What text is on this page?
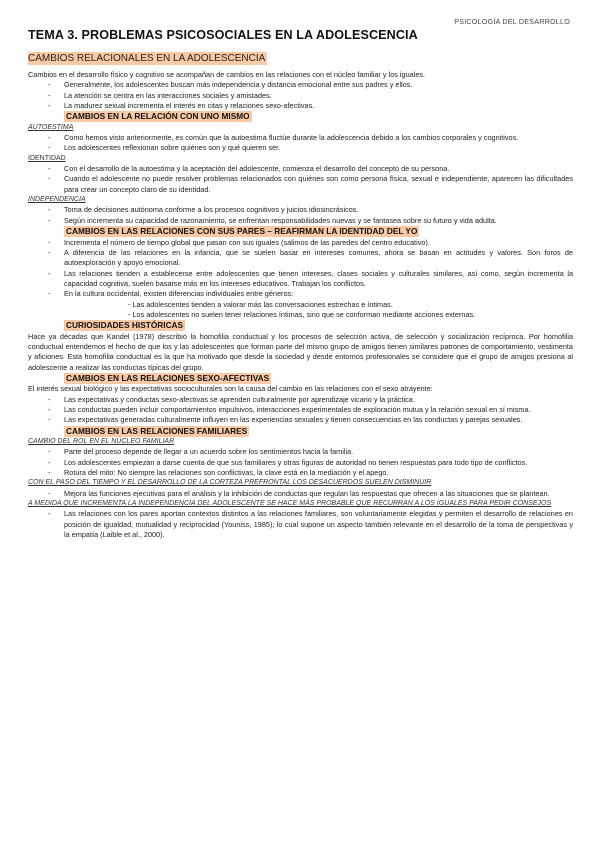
PSICOLOGÍA DEL DESARROLLO
TEMA 3. PROBLEMAS PSICOSOCIALES EN LA ADOLESCENCIA
CAMBIOS RELACIONALES EN LA ADOLESCENCIA

Cambios en el desarrollo físico y cognitivo se acompañan de cambios en las relaciones con el núcleo familiar y los iguales.

- Generalmente, los adolescentes buscan más independencia y distancia emocional entre sus padres y ellos.
- La atención se centra en las interacciones sociales y amistades.
- La madurez sexual incrementa el interés en citas y relaciones sexo-afectivas.
CAMBIOS EN LA RELACIÓN CON UNO MISMO
AUTOESTIMA
- Como hemos visto anteriormente, es común que la autoestima fluctúe durante la adolescencia debido a los cambios corporales y cognitivos.
- Los adolescentes reflexionan sobre quiénes son y qué quieren ser.
IDENTIDAD
- Con el desarrollo de la autoestima y la aceptación del adolescente, comienza el desarrollo del concepto de su persona.
- Cuando el adolescente no puede resolver problemas relacionados con quiénes son como persona física, sexual e independiente, aparecen las dificultades para crear un concepto claro de su identidad.
INDEPENDENCIA
- Toma de decisiones autónoma conforme a los procesos cognitivos y juicios idiosincrásicos.
- Según incrementa su capacidad de razonamiento, se enfrentan responsabilidades nuevas y se fantasea sobre su futuro y vida adulta.
CAMBIOS EN LAS RELACIONES CON SUS PARES – REAFIRMAN LA IDENTIDAD DEL YO
- Incrementa el número de tiempo global que pasan con sus iguales (salimos de las paredes del centro educativo).
- A diferencia de las relaciones en la infancia, que se suelen basar en intereses comunes, ahora se basan en actitudes y valores. Son foros de autoexploración y apoyo emocional.
- Las relaciones tienden a establecerse entre adolescentes que tienen intereses, clases sociales y culturales similares, así como, según incrementa la capacidad cognitiva, suelen basarse más en los intereses educativos. Trabajan los conflictos.
- En la cultura occidental, existen diferencias individuales entre géneros:
- Las adolescentes tienden a valorar más las conversaciones estrechas e íntimas.
- Los adolescentes no suelen tener relaciones íntimas, sino que se conforman mediante acciones externas.
CURIOSIDADES HISTÓRICAS

Hace ya décadas que Kandel (1978) describió la homofilia conductual y los procesos de selección activa, de selección y socialización recíproca. Por homofilia conductual entendemos el hecho de que los y las adolescentes que forman parte del mismo grupo de amigos tienen similares patrones de comportamiento, vestimenta y aficiones. Esta homofilia conductual es la que ha motivado que desde la sociedad y desde entornos profesionales se considere que el grupo de amigos presiona al adolescente a realizar las conductas típicas del grupo.

CAMBIOS EN LAS RELACIONES SEXO-AFECTIVAS

El interés sexual biológico y las expectativas socioculturales son la causa del cambio en las relaciones con el sexo atrayente:

- Las expectativas y conductas sexo-afectivas se aprenden culturalmente por aprendizaje vicario y la práctica.
- Las conductas pueden incluir comportamientos impulsivos, interacciones experimentales de exploración mutua y la relación sexual en sí misma.
- Las expectativas generadas culturalmente influyen en las experiencias sexuales y tienen consecuencias en las conductas y parejas sexuales.
CAMBIOS EN LAS RELACIONES FAMILIARES
CAMBIO DEL ROL EN EL NÚCLEO FAMILIAR
- Parte del proceso depende de llegar a un acuerdo sobre los sentimientos hacia la familia.
- Los adolescentes empiezan a darse cuenta de que sus familiares y otras figuras de autoridad no tienen respuestas para todo tipo de conflictos.
- Rotura del mito: No siempre las relaciones son conflictivas, la clave está en la mediación y el apego.
CON EL PASO DEL TIEMPO Y EL DESARROLLO DE LA CORTEZA PREFRONTAL LOS DESACUERDOS SUELEN DISMINUIR
- Mejora las funciones ejecutivas para el análisis y la inhibición de conductas que regulan las respuestas que ofrecen a las situaciones que se plantean.
A MEDIDA QUE INCREMENTA LA INDEPENDENCIA DEL ADOLESCENTE SE HACE MÁS PROBABLE QUE RECURRAN A LOS IGUALES PARA PEDIR CONSEJOS
- Las relaciones con los pares aportan contextos distintos a las relaciones familiares, son voluntariamente elegidas y permiten el desarrollo de relaciones en posición de igualdad, mutualidad y reciprocidad (Youniss, 1985); lo cual supone un aspecto también relevante en el desarrollo de la toma de perspectivas y la empatía (Laible et al., 2000).
